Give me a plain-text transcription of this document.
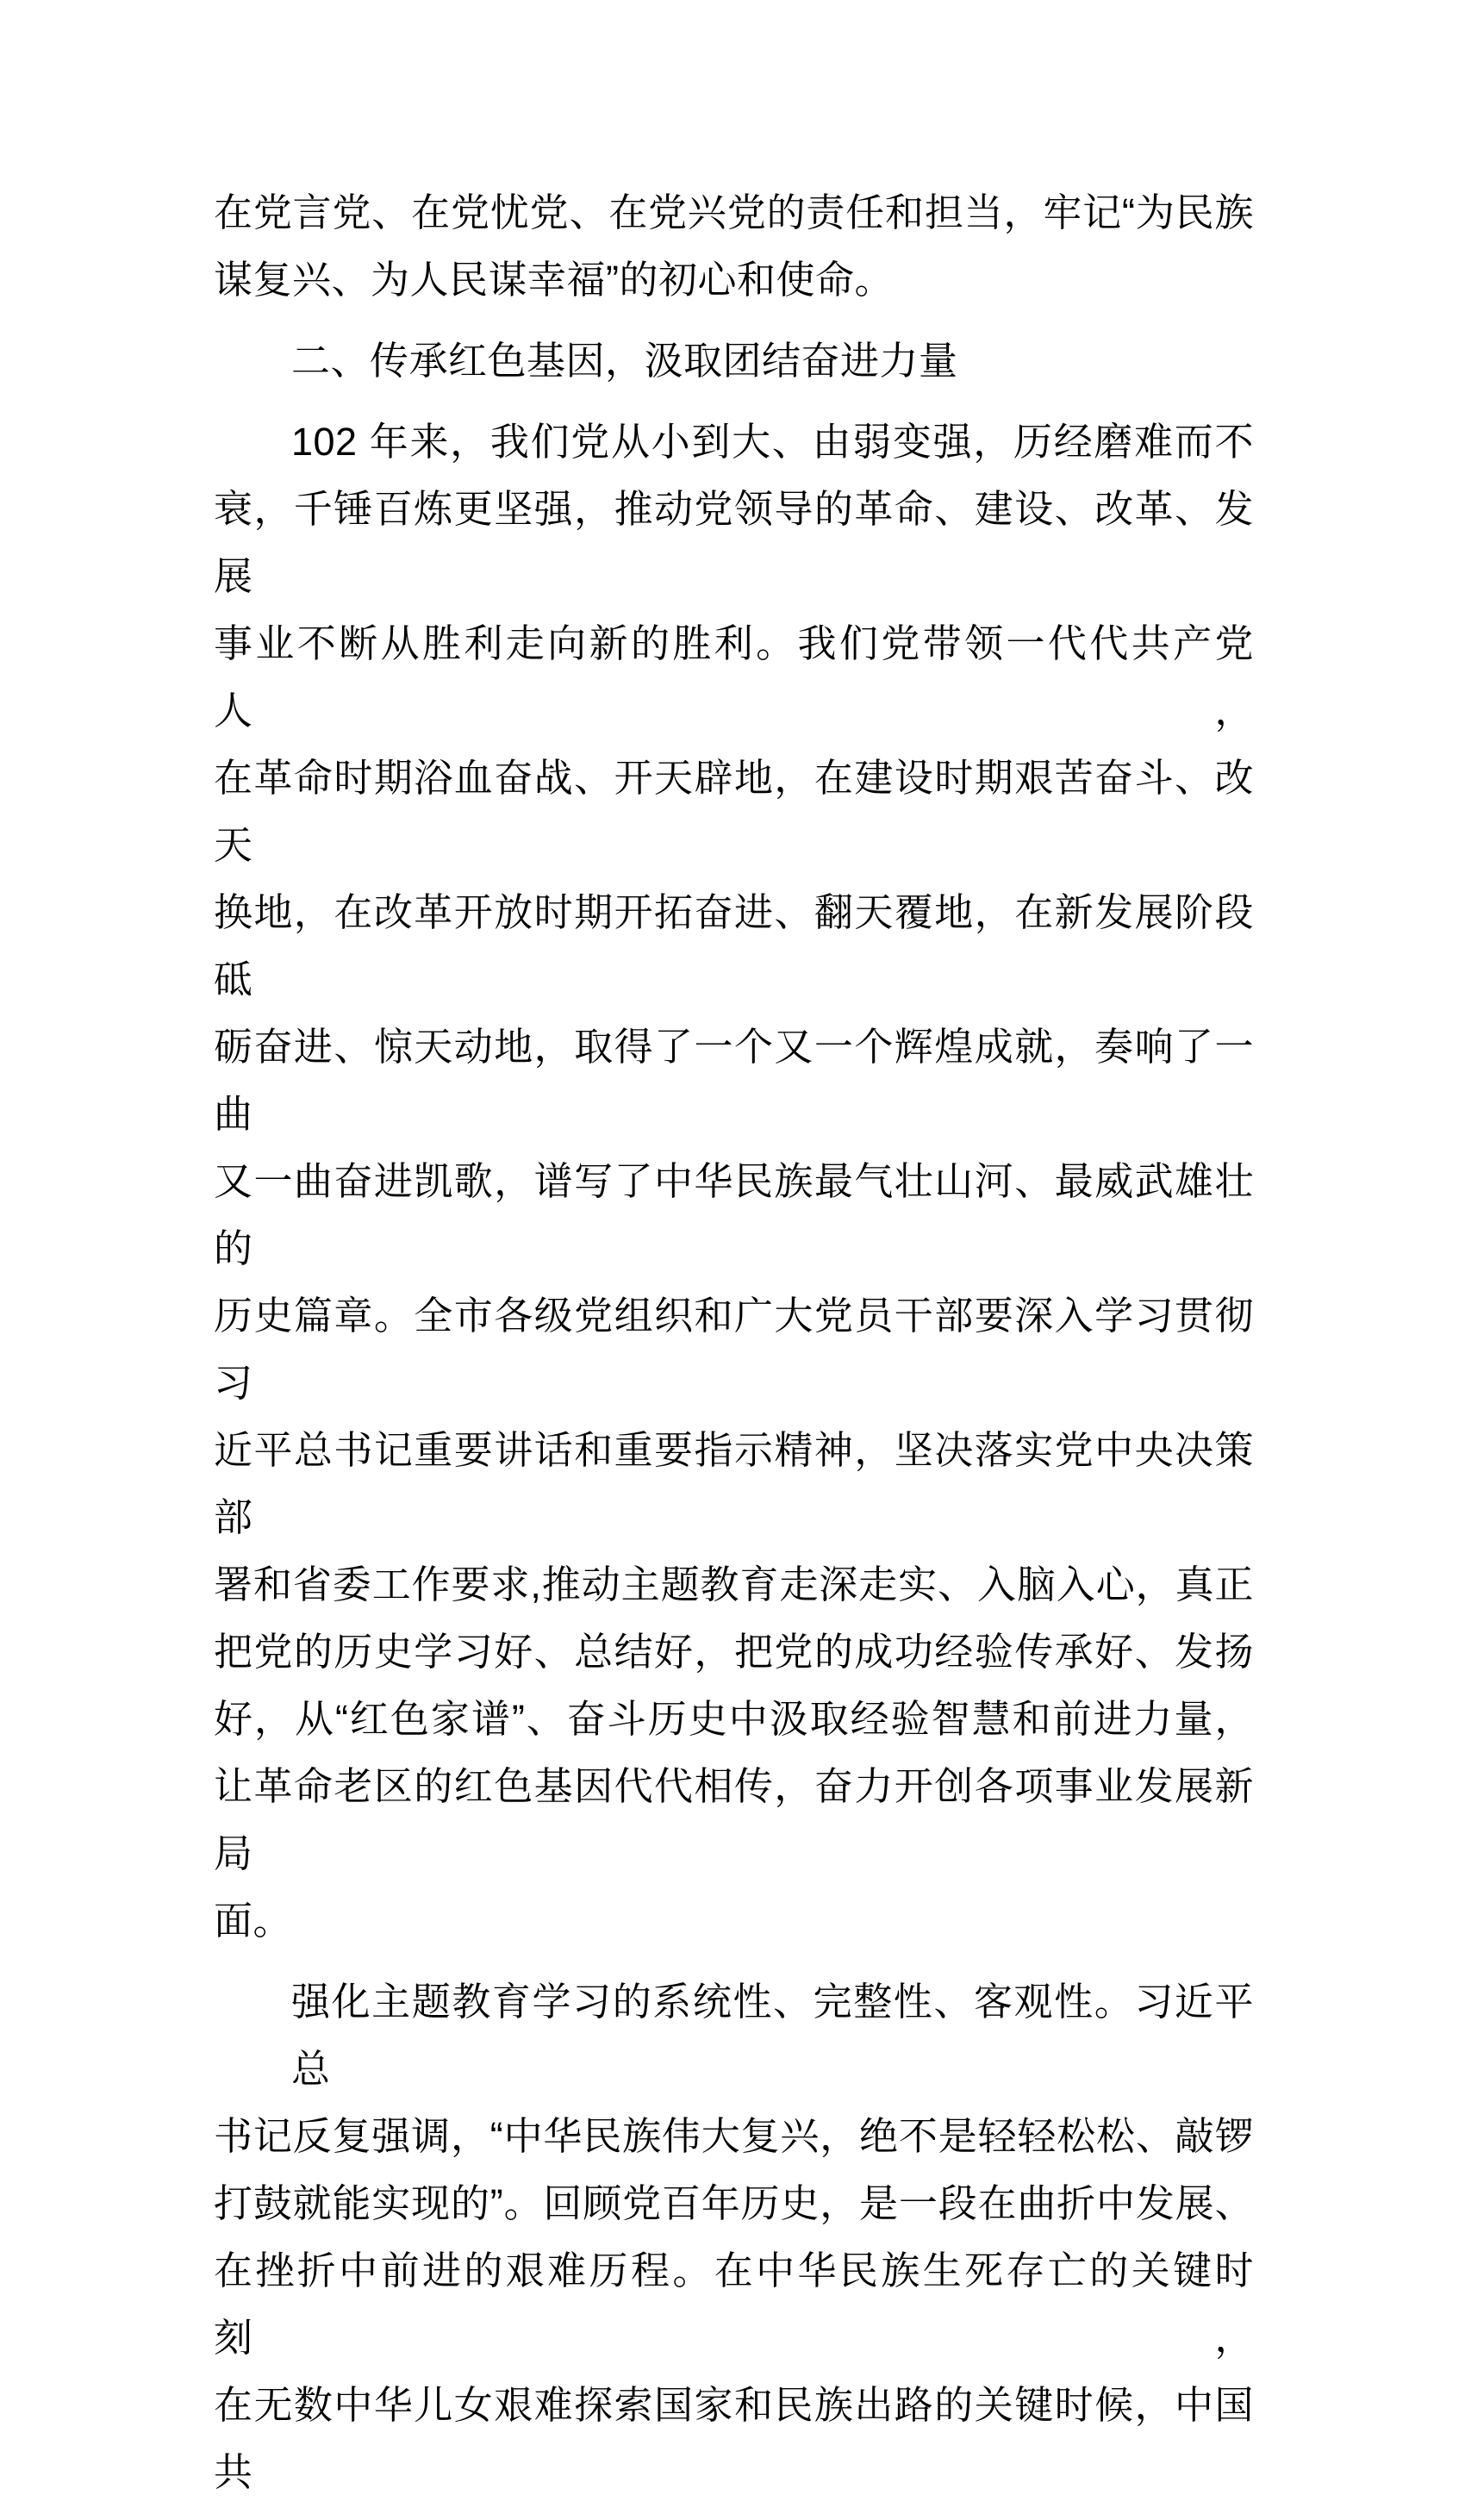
在党言党、在党忧党、在党兴党的责任和担当，牢记“为民族
谋复兴、为人民谋幸福”的初心和使命。
二、传承红色基因，汲取团结奋进力量
102 年来，我们党从小到大、由弱变强，历经磨难而不
衰，千锤百炼更坚强，推动党领导的革命、建设、改革、发展
事业不断从胜利走向新的胜利。我们党带领一代代共产党人，
在革命时期浴血奋战、开天辟地，在建设时期艰苦奋斗、改天
换地，在改革开放时期开拓奋进、翻天覆地，在新发展阶段砥
砺奋进、惊天动地，取得了一个又一个辉煌成就，奏响了一曲
又一曲奋进凯歌，谱写了中华民族最气壮山河、最威武雄壮的
历史篇章。全市各级党组织和广大党员干部要深入学习贯彻习
近平总书记重要讲话和重要指示精神，坚决落实党中央决策部
署和省委工作要求,推动主题教育走深走实、入脑入心，真正
把党的历史学习好、总结好，把党的成功经验传承好、发扬
好，从“红色家谱”、奋斗历史中汲取经验智慧和前进力量，
让革命老区的红色基因代代相传，奋力开创各项事业发展新局
面。
强化主题教育学习的系统性、完整性、客观性。习近平总
书记反复强调，“中华民族伟大复兴，绝不是轻轻松松、敲锣
打鼓就能实现的”。回顾党百年历史，是一段在曲折中发展、
在挫折中前进的艰难历程。在中华民族生死存亡的关键时刻，
在无数中华儿女艰难探索国家和民族出路的关键时候，中国共
